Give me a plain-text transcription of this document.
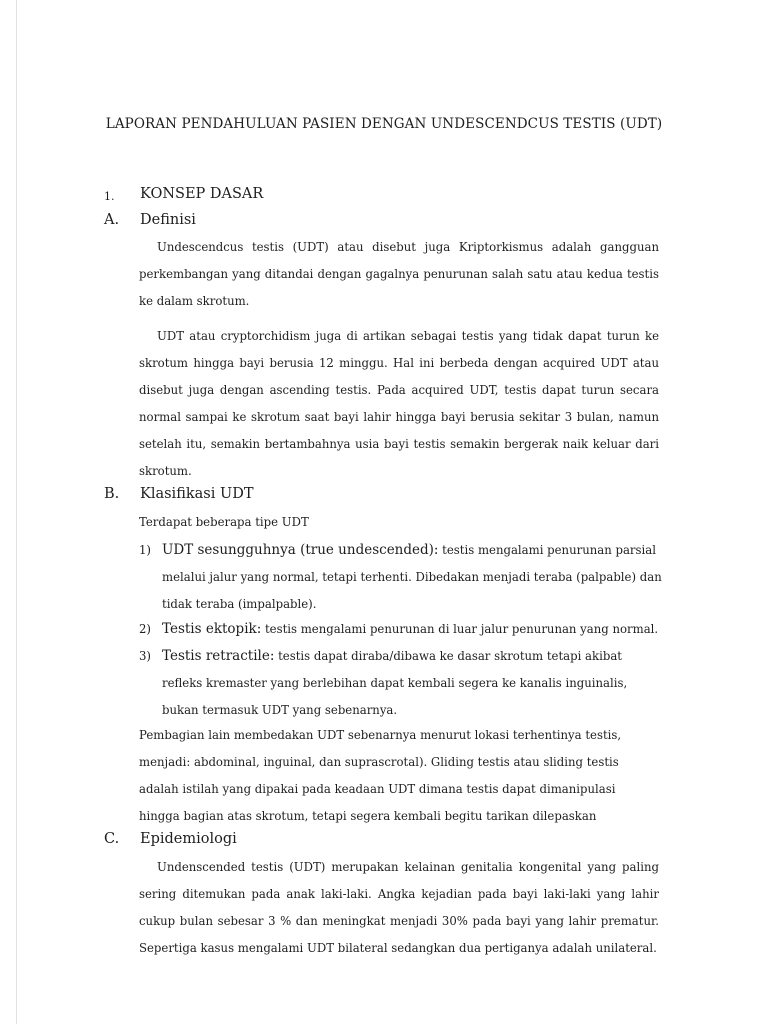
LAPORAN PENDAHULUAN PASIEN DENGAN UNDESCENDCUS TESTIS (UDT)
1. KONSEP DASAR
A. Definisi

Undescendcus testis (UDT) atau disebut juga Kriptorkismus adalah gangguan perkembangan yang ditandai dengan gagalnya penurunan salah satu atau kedua testis ke dalam skrotum.

UDT atau cryptorchidism juga di artikan sebagai testis yang tidak dapat turun ke skrotum hingga bayi berusia 12 minggu. Hal ini berbeda dengan acquired UDT atau disebut juga dengan ascending testis. Pada acquired UDT, testis dapat turun secara normal sampai ke skrotum saat bayi lahir hingga bayi berusia sekitar 3 bulan, namun setelah itu, semakin bertambahnya usia bayi testis semakin bergerak naik keluar dari skrotum.

B. Klasifikasi UDT

Terdapat beberapa tipe UDT

1) UDT sesungguhnya (true undescended): testis mengalami penurunan parsial melalui jalur yang normal, tetapi terhenti. Dibedakan menjadi teraba (palpable) dan tidak teraba (impalpable).
2) Testis ektopik: testis mengalami penurunan di luar jalur penurunan yang normal.
3) Testis retractile: testis dapat diraba/dibawa ke dasar skrotum tetapi akibat refleks kremaster yang berlebihan dapat kembali segera ke kanalis inguinalis, bukan termasuk UDT yang sebenarnya.

Pembagian lain membedakan UDT sebenarnya menurut lokasi terhentinya testis, menjadi: abdominal, inguinal, dan suprascrotal). Gliding testis atau sliding testis adalah istilah yang dipakai pada keadaan UDT dimana testis dapat dimanipulasi hingga bagian atas skrotum, tetapi segera kembali begitu tarikan dilepaskan

C. Epidemiologi

Undenscended testis (UDT) merupakan kelainan genitalia kongenital yang paling sering ditemukan pada anak laki-laki. Angka kejadian pada bayi laki-laki yang lahir cukup bulan sebesar 3 % dan meningkat menjadi 30% pada bayi yang lahir prematur. Sepertiga kasus mengalami UDT bilateral sedangkan dua pertiganya adalah unilateral.
